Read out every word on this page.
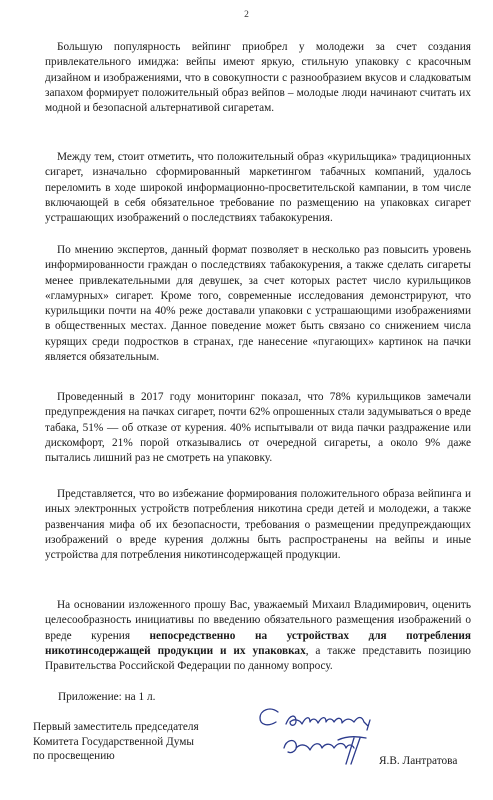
2

Большую популярность вейпинг приобрел у молодежи за счет создания привлекательного имиджа: вейпы имеют яркую, стильную упаковку с красочным дизайном и изображениями, что в совокупности с разнообразием вкусов и сладковатым запахом формирует положительный образ вейпов – молодые люди начинают считать их модной и безопасной альтернативой сигаретам.

Между тем, стоит отметить, что положительный образ «курильщика» традиционных сигарет, изначально сформированный маркетингом табачных компаний, удалось переломить в ходе широкой информационно-просветительской кампании, в том числе включающей в себя обязательное требование по размещению на упаковках сигарет устрашающих изображений о последствиях табакокурения.

По мнению экспертов, данный формат позволяет в несколько раз повысить уровень информированности граждан о последствиях табакокурения, а также сделать сигареты менее привлекательными для девушек, за счет которых растет число курильщиков «гламурных» сигарет. Кроме того, современные исследования демонстрируют, что курильщики почти на 40% реже доставали упаковки с устрашающими изображениями в общественных местах. Данное поведение может быть связано со снижением числа курящих среди подростков в странах, где нанесение «пугающих» картинок на пачки является обязательным.

Проведенный в 2017 году мониторинг показал, что 78% курильщиков замечали предупреждения на пачках сигарет, почти 62% опрошенных стали задумываться о вреде табака, 51% — об отказе от курения. 40% испытывали от вида пачки раздражение или дискомфорт, 21% порой отказывались от очередной сигареты, а около 9% даже пытались лишний раз не смотреть на упаковку.

Представляется, что во избежание формирования положительного образа вейпинга и иных электронных устройств потребления никотина среди детей и молодежи, а также развенчания мифа об их безопасности, требования о размещении предупреждающих изображений о вреде курения должны быть распространены на вейпы и иные устройства для потребления никотинсодержащей продукции.

На основании изложенного прошу Вас, уважаемый Михаил Владимирович, оценить целесообразность инициативы по введению обязательного размещения изображений о вреде курения непосредственно на устройствах для потребления никотинсодержащей продукции и их упаковках, а также представить позицию Правительства Российской Федерации по данному вопросу.

Приложение: на 1 л.

Первый заместитель председателя
Комитета Государственной Думы
по просвещению	Я.В. Лантратова
